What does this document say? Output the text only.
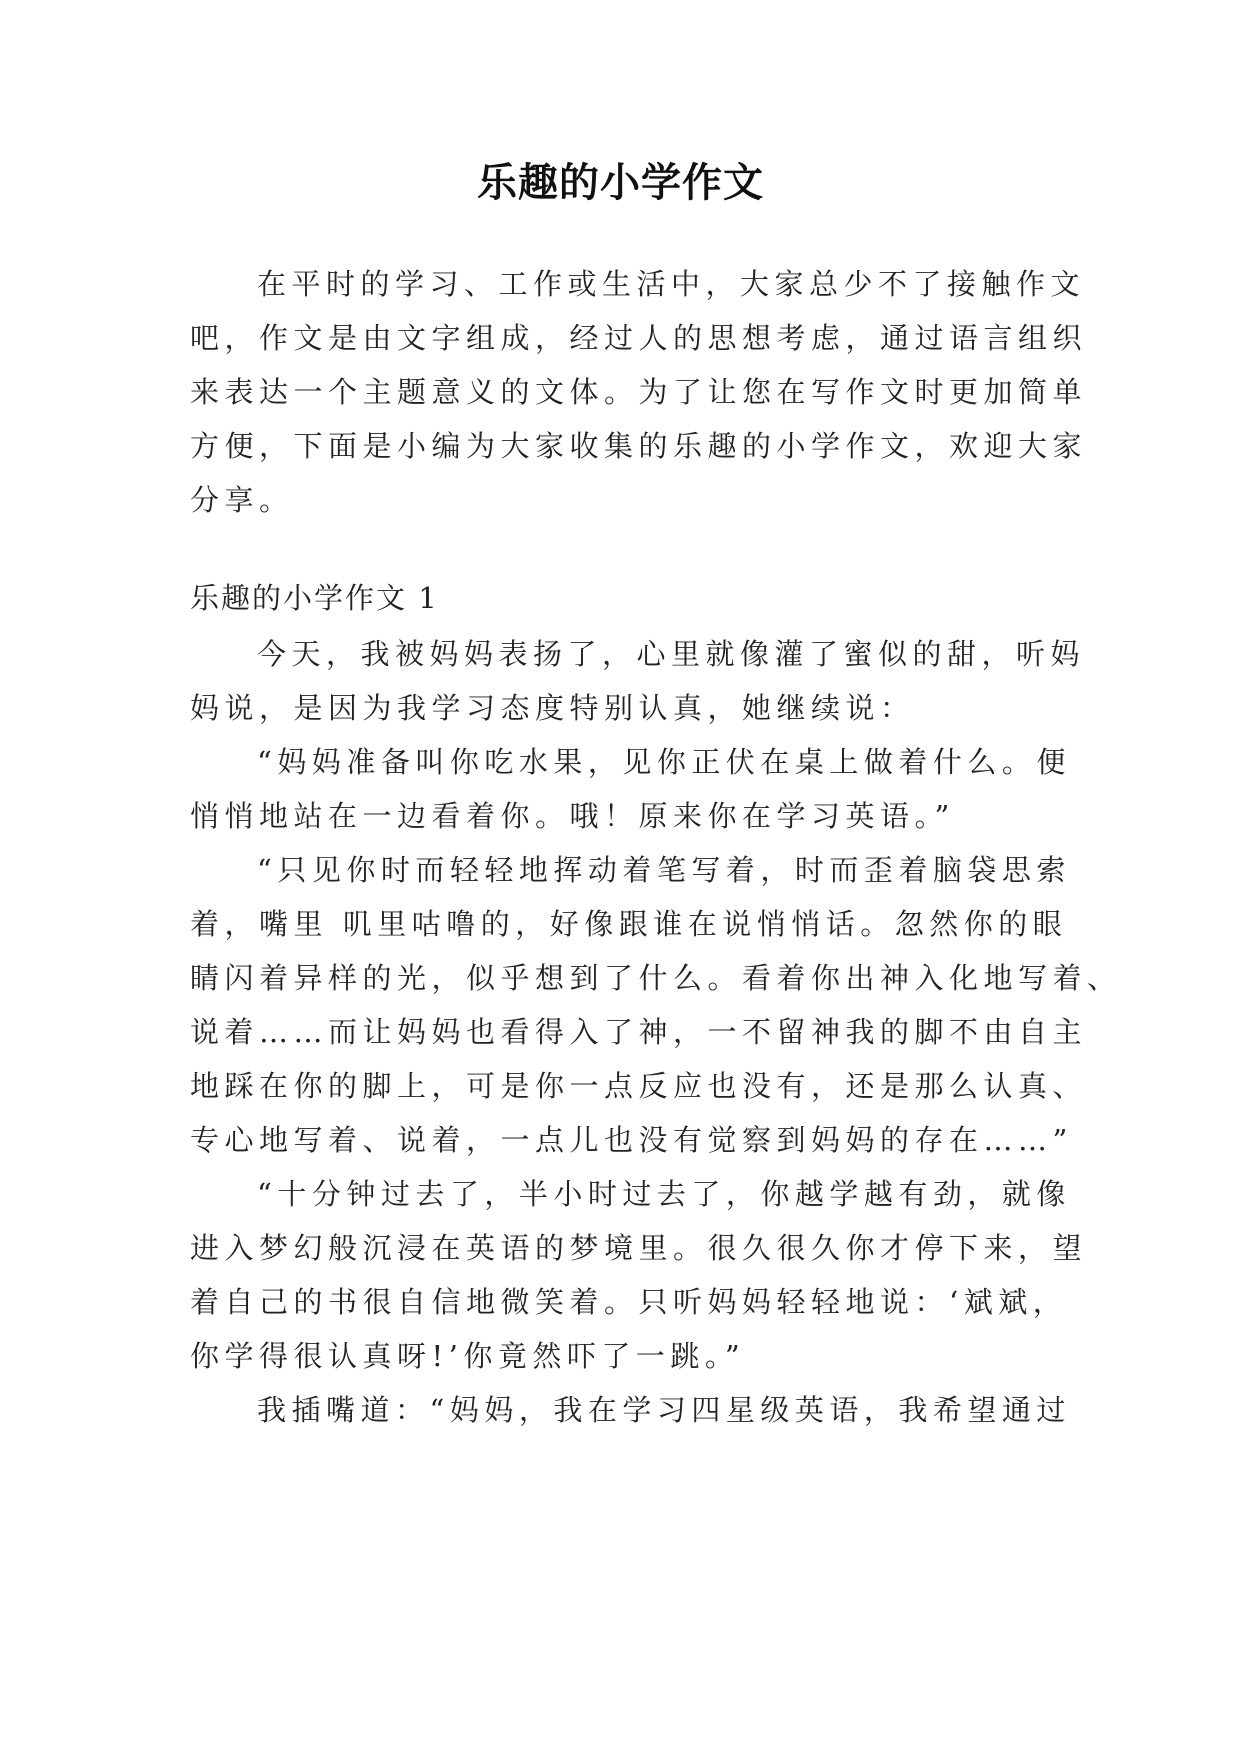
乐趣的小学作文
在平时的学习、工作或生活中，大家总少不了接触作文
吧，作文是由文字组成，经过人的思想考虑，通过语言组织
来表达一个主题意义的文体。为了让您在写作文时更加简单
方便，下面是小编为大家收集的乐趣的小学作文，欢迎大家
分享。
乐趣的小学作文 1
今天，我被妈妈表扬了，心里就像灌了蜜似的甜，听妈
妈说，是因为我学习态度特别认真，她继续说：
“妈妈准备叫你吃水果，见你正伏在桌上做着什么。便
悄悄地站在一边看着你。哦！原来你在学习英语。”
“只见你时而轻轻地挥动着笔写着，时而歪着脑袋思索
着，嘴里 叽里咕噜的，好像跟谁在说悄悄话。忽然你的眼
睛闪着异样的光，似乎想到了什么。看着你出神入化地写着、
说着……而让妈妈也看得入了神，一不留神我的脚不由自主
地踩在你的脚上，可是你一点反应也没有，还是那么认真、
专心地写着、说着，一点儿也没有觉察到妈妈的存在……”
“十分钟过去了，半小时过去了，你越学越有劲，就像
进入梦幻般沉浸在英语的梦境里。很久很久你才停下来，望
着自己的书很自信地微笑着。只听妈妈轻轻地说：‘斌斌，
你学得很认真呀!’你竟然吓了一跳。”
我插嘴道：“妈妈，我在学习四星级英语，我希望通过
